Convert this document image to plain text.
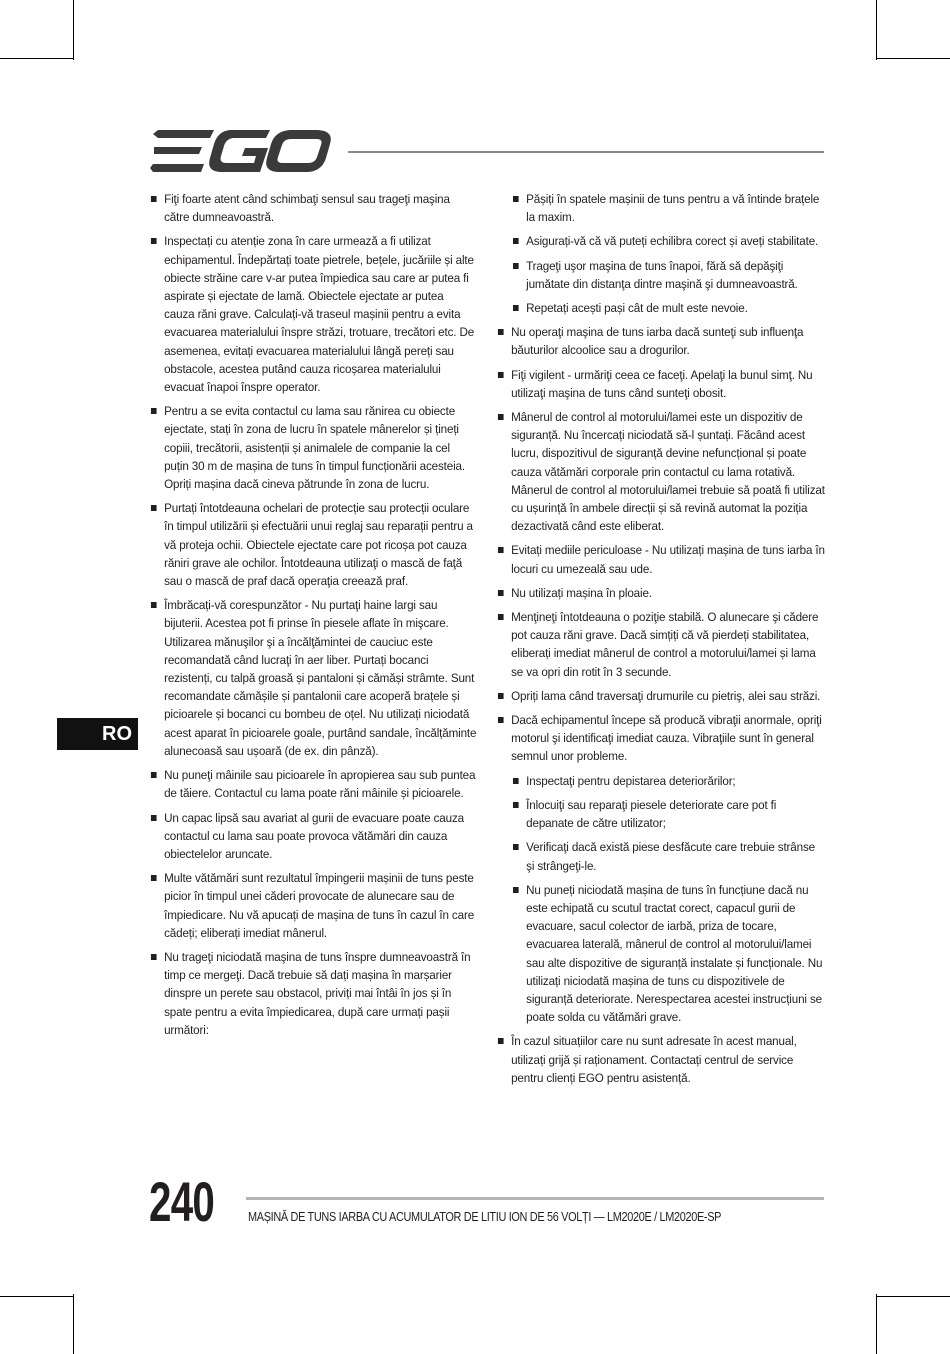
Fiţi foarte atent când schimbaţi sensul sau trageţi maşina către dumneavoastră.
Inspectați cu atenție zona în care urmează a fi utilizat echipamentul. Îndepărtați toate pietrele, bețele, jucăriile și alte obiecte străine care v-ar putea împiedica sau care ar putea fi aspirate și ejectate de lamă. Obiectele ejectate ar putea cauza răni grave. Calculați-vă traseul mașinii pentru a evita evacuarea materialului înspre străzi, trotuare, trecători etc. De asemenea, evitați evacuarea materialului lângă pereți sau obstacole, acestea putând cauza ricoșarea materialului evacuat înapoi înspre operator.
Pentru a se evita contactul cu lama sau rănirea cu obiecte ejectate, stați în zona de lucru în spatele mânerelor și țineți copiii, trecătorii, asistenții și animalele de companie la cel puțin 30 m de mașina de tuns în timpul funcționării acesteia. Opriți mașina dacă cineva pătrunde în zona de lucru.
Purtați întotdeauna ochelari de protecție sau protecții oculare în timpul utilizării și efectuării unui reglaj sau reparații pentru a vă proteja ochii. Obiectele ejectate care pot ricoșa pot cauza răniri grave ale ochilor. Întotdeauna utilizaţi o mască de faţă sau o mască de praf dacă operaţia creează praf.
Îmbrăcați-vă corespunzător - Nu purtaţi haine largi sau bijuterii. Acestea pot fi prinse în piesele aflate în mişcare. Utilizarea mănuşilor şi a încălţămintei de cauciuc este recomandată când lucraţi în aer liber. Purtați bocanci rezistenți, cu talpă groasă și pantaloni și cămăși strâmte. Sunt recomandate cămășile și pantalonii care acoperă brațele și picioarele și bocanci cu bombeu de oțel. Nu utilizați niciodată acest aparat în picioarele goale, purtând sandale, încălțăminte alunecoasă sau ușoară (de ex. din pânză).
Nu puneţi mâinile sau picioarele în apropierea sau sub puntea de tăiere. Contactul cu lama poate răni mâinile și picioarele.
Un capac lipsă sau avariat al gurii de evacuare poate cauza contactul cu lama sau poate provoca vătămări din cauza obiectelelor aruncate.
Multe vătămări sunt rezultatul împingerii mașinii de tuns peste picior în timpul unei căderi provocate de alunecare sau de împiedicare. Nu vă apucați de mașina de tuns în cazul în care cădeți; eliberați imediat mânerul.
Nu trageţi niciodată maşina de tuns înspre dumneavoastră în timp ce mergeţi. Dacă trebuie să dați mașina în marșarier dinspre un perete sau obstacol, priviți mai întâi în jos și în spate pentru a evita împiedicarea, după care urmați pașii următori:
Pășiți în spatele mașinii de tuns pentru a vă întinde brațele la maxim.
Asigurați-vă că vă puteți echilibra corect și aveți stabilitate.
Trageţi uşor maşina de tuns înapoi, fără să depăşiţi jumătate din distanţa dintre maşină şi dumneavoastră.
Repetați acești pași cât de mult este nevoie.
Nu operaţi maşina de tuns iarba dacă sunteţi sub influenţa băuturilor alcoolice sau a drogurilor.
Fiţi vigilent - urmăriţi ceea ce faceţi. Apelaţi la bunul simţ. Nu utilizaţi maşina de tuns când sunteţi obosit.
Mânerul de control al motorului/lamei este un dispozitiv de siguranță. Nu încercați niciodată să-l șuntați. Făcând acest lucru, dispozitivul de siguranță devine nefuncțional și poate cauza vătămări corporale prin contactul cu lama rotativă. Mânerul de control al motorului/lamei trebuie să poată fi utilizat cu ușurință în ambele direcții și să revină automat la poziția dezactivată când este eliberat.
Evitați mediile periculoase - Nu utilizați mașina de tuns iarba în locuri cu umezeală sau ude.
Nu utilizați mașina în ploaie.
Menţineţi întotdeauna o poziţie stabilă. O alunecare şi cădere pot cauza răni grave. Dacă simțiți că vă pierdeți stabilitatea, eliberați imediat mânerul de control a motorului/lamei și lama se va opri din rotit în 3 secunde.
Opriți lama când traversaţi drumurile cu pietriş, alei sau străzi.
Dacă echipamentul începe să producă vibraţii anormale, opriţi motorul şi identificaţi imediat cauza. Vibraţiile sunt în general semnul unor probleme.
Inspectaţi pentru depistarea deteriorărilor;
Înlocuiţi sau reparaţi piesele deteriorate care pot fi depanate de către utilizator;
Verificaţi dacă există piese desfăcute care trebuie strânse şi strângeţi-le.
Nu puneți niciodată mașina de tuns în funcțiune dacă nu este echipată cu scutul tractat corect, capacul gurii de evacuare, sacul colector de iarbă, priza de tocare, evacuarea laterală, mânerul de control al motorului/lamei sau alte dispozitive de siguranță instalate și funcționale. Nu utilizați niciodată mașina de tuns cu dispozitivele de siguranță deteriorate. Nerespectarea acestei instrucțiuni se poate solda cu vătămări grave.
În cazul situațiilor care nu sunt adresate în acest manual, utilizați grijă și raționament. Contactați centrul de service pentru clienți EGO pentru asistență.
RO
240	MAȘINĂ DE TUNS IARBA CU ACUMULATOR DE LITIU ION DE 56 VOLȚI — LM2020E / LM2020E-SP
